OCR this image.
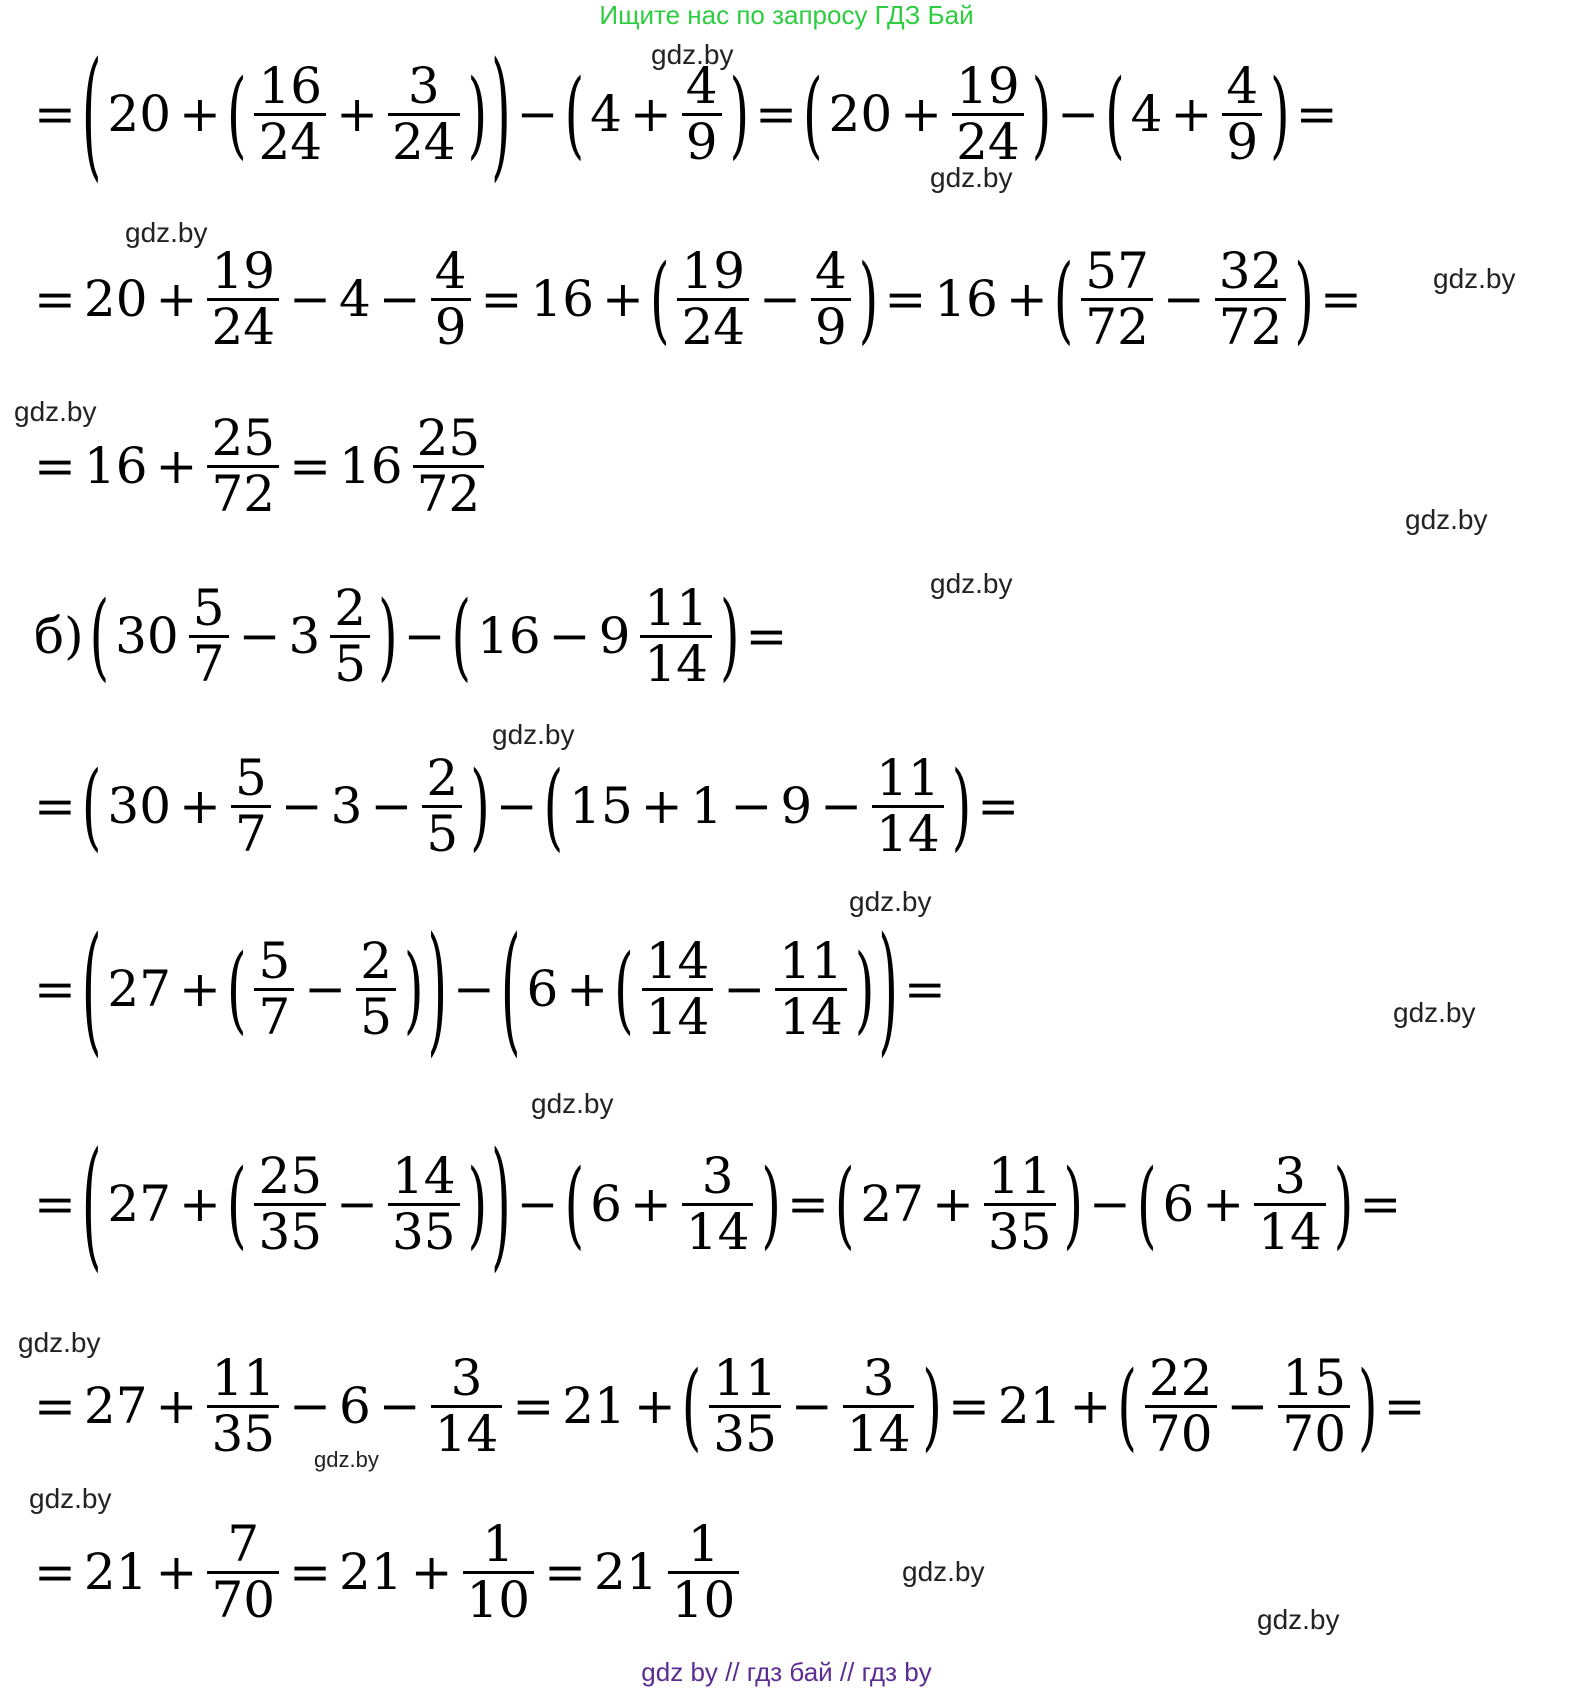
Ищите нас по запросу ГДЗ Бай
gdz.by
gdz.by
gdz.by
gdz.by
gdz.by
gdz.by
gdz.by
gdz.by
gdz.by
gdz.by
gdz.by
gdz.by
gdz.by
gdz.by
gdz.by
gdz.by
= ( 20 + ( $\frac{16}{24} + \frac{3}{24}$ ) ) − ( $4 + \frac{4}{9}$ ) = ( $20 + \frac{19}{24}$ ) − ( $4 + \frac{4}{9}$ ) =
= $20 + \frac{19}{24} - 4 - \frac{4}{9} = 16$ + ( $\frac{19}{24} - \frac{4}{9}$ ) = 16 + ( $\frac{57}{72} - \frac{32}{72}$ ) =
= $16 + \frac{25}{72} = 16 \frac{25}{72}$
б) ( $30 \frac{5}{7} - 3 \frac{2}{5}$ ) − ( $16 - 9 \frac{11}{14}$ ) =
= ( $30 + \frac{5}{7} - 3 - \frac{2}{5}$ ) − ( $15 + 1 - 9 - \frac{11}{14}$ ) =
= ( 27 + ( $\frac{5}{7} - \frac{2}{5}$ ) ) − ( 6 + ( $\frac{14}{14} - \frac{11}{14}$ ) ) =
= ( 27 + ( $\frac{25}{35} - \frac{14}{35}$ ) ) − ( $6 + \frac{3}{14}$ ) = ( $27 + \frac{11}{35}$ ) − ( $6 + \frac{3}{14}$ ) =
= $27 + \frac{11}{35} - 6 - \frac{3}{14} = 21$ + ( $\frac{11}{35} - \frac{3}{14}$ ) = 21 + ( $\frac{22}{70} - \frac{15}{70}$ ) =
= $21 + \frac{7}{70} = 21 + \frac{1}{10} = 21 \frac{1}{10}$
gdz by // гдз бай // гдз by
